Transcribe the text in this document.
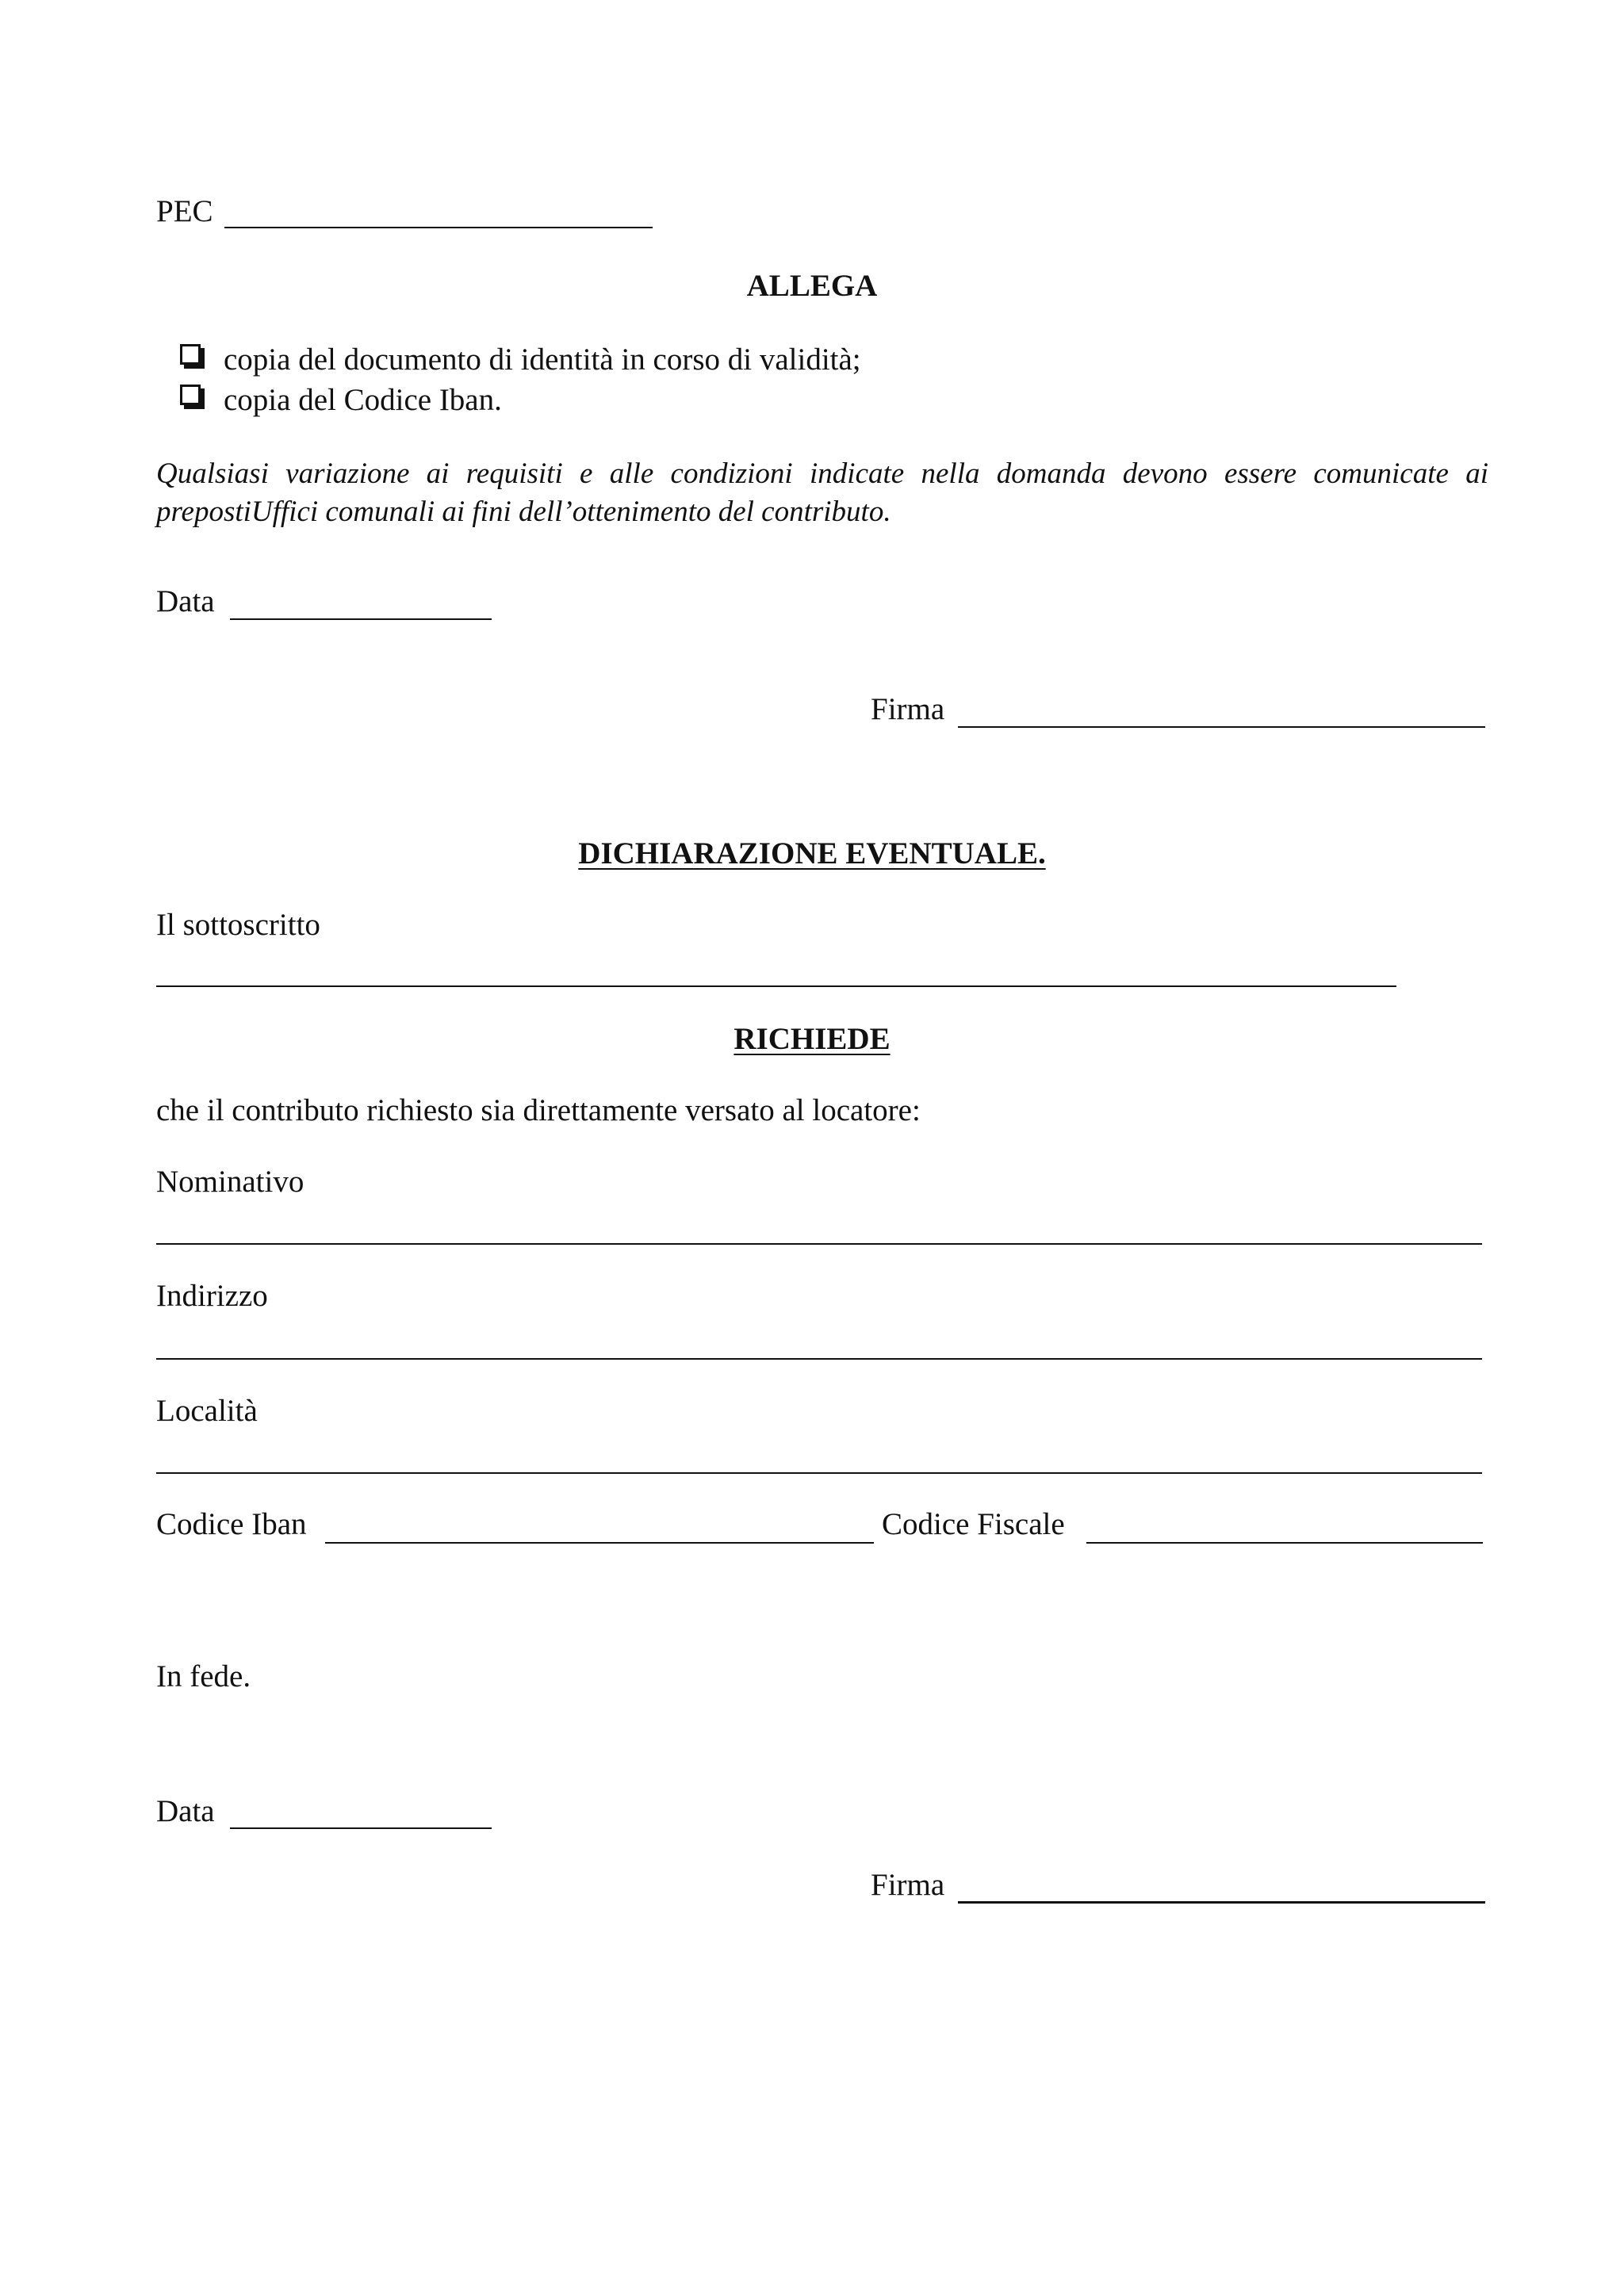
PEC
ALLEGA
copia del documento di identità in corso di validità;
copia del Codice Iban.
Qualsiasi variazione ai requisiti e alle condizioni indicate nella domanda devono essere comunicate ai prepostiUffici comunali ai fini dell’ottenimento del contributo.
Data
Firma
DICHIARAZIONE EVENTUALE.
Il sottoscritto
RICHIEDE
che il contributo richiesto sia direttamente versato al locatore:
Nominativo
Indirizzo
Località
Codice Iban	Codice Fiscale
In fede.
Data
Firma
